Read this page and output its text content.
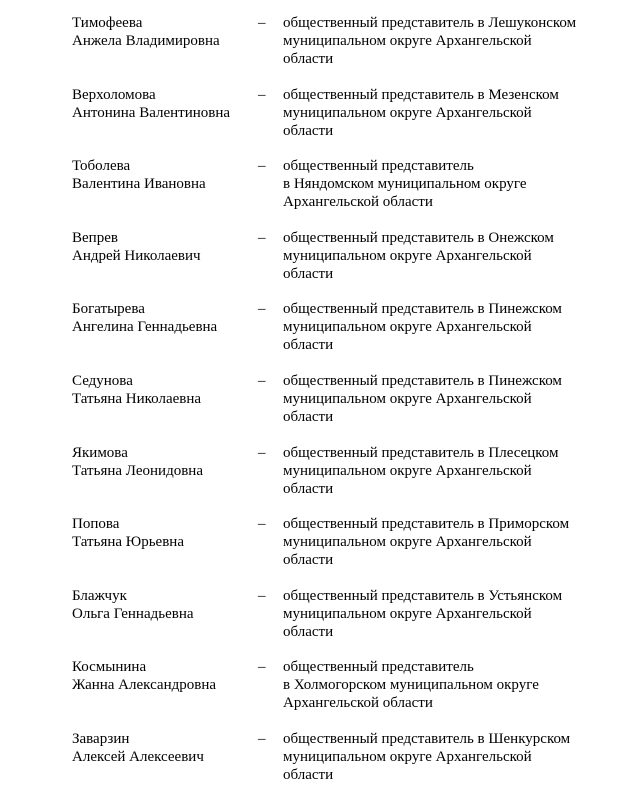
Тимофеева
Анжела Владимировна
–	общественный представитель в Лешуконском
муниципальном округе Архангельской
области
Верхоломова
Антонина Валентиновна
–	общественный представитель в Мезенском
муниципальном округе Архангельской
области
Тоболева
Валентина Ивановна
–	общественный представитель
в Няндомском муниципальном округе
Архангельской области
Вепрев
Андрей Николаевич
–	общественный представитель в Онежском
муниципальном округе Архангельской
области
Богатырева
Ангелина Геннадьевна
–	общественный представитель в Пинежском
муниципальном округе Архангельской
области
Седунова
Татьяна Николаевна
–	общественный представитель в Пинежском
муниципальном округе Архангельской
области
Якимова
Татьяна Леонидовна
–	общественный представитель в Плесецком
муниципальном округе Архангельской
области
Попова
Татьяна Юрьевна
–	общественный представитель в Приморском
муниципальном округе Архангельской
области
Блажчук
Ольга Геннадьевна
–	общественный представитель в Устьянском
муниципальном округе Архангельской
области
Космынина
Жанна Александровна
–	общественный представитель
в Холмогорском муниципальном округе
Архангельской области
Заварзин
Алексей Алексеевич
–	общественный представитель в Шенкурском
муниципальном округе Архангельской
области
